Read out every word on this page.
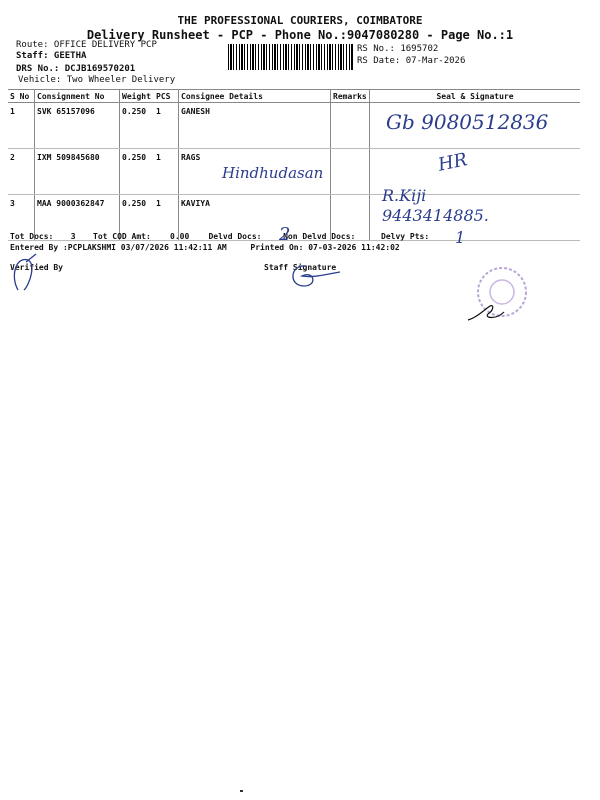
THE PROFESSIONAL COURIERS, COIMBATORE
Delivery Runsheet - PCP - Phone No.:9047080280 - Page No.:1
Route: OFFICE DELIVERY PCP
Staff: GEETHA
DRS No.: DCJB169570201
Vehicle: Two Wheeler Delivery
RS No.: 1695702
RS Date: 07-Mar-2026
S No	Consignment No	Weight	PCS	Consignee Details	Remarks	Seal & Signature
1	SVK 65157096	0.250	1	GANESH		
2	IXM 509845680	0.250	1	RAGS		
3	MAA 9000362847	0.250	1	KAVIYA		
Gb 9080512836
Hindhudasan	HR
R.Kiji 9443414885.
Tot Docs: 3 Tot COD Amt: 0.00 Delvd Docs:	Non Delvd Docs:	Delvy Pts:
2	1
Entered By :PCPLAKSHMI 03/07/2026 11:42:11 AM	Printed On: 07-03-2026 11:42:02
Verified By	Staff Signature
